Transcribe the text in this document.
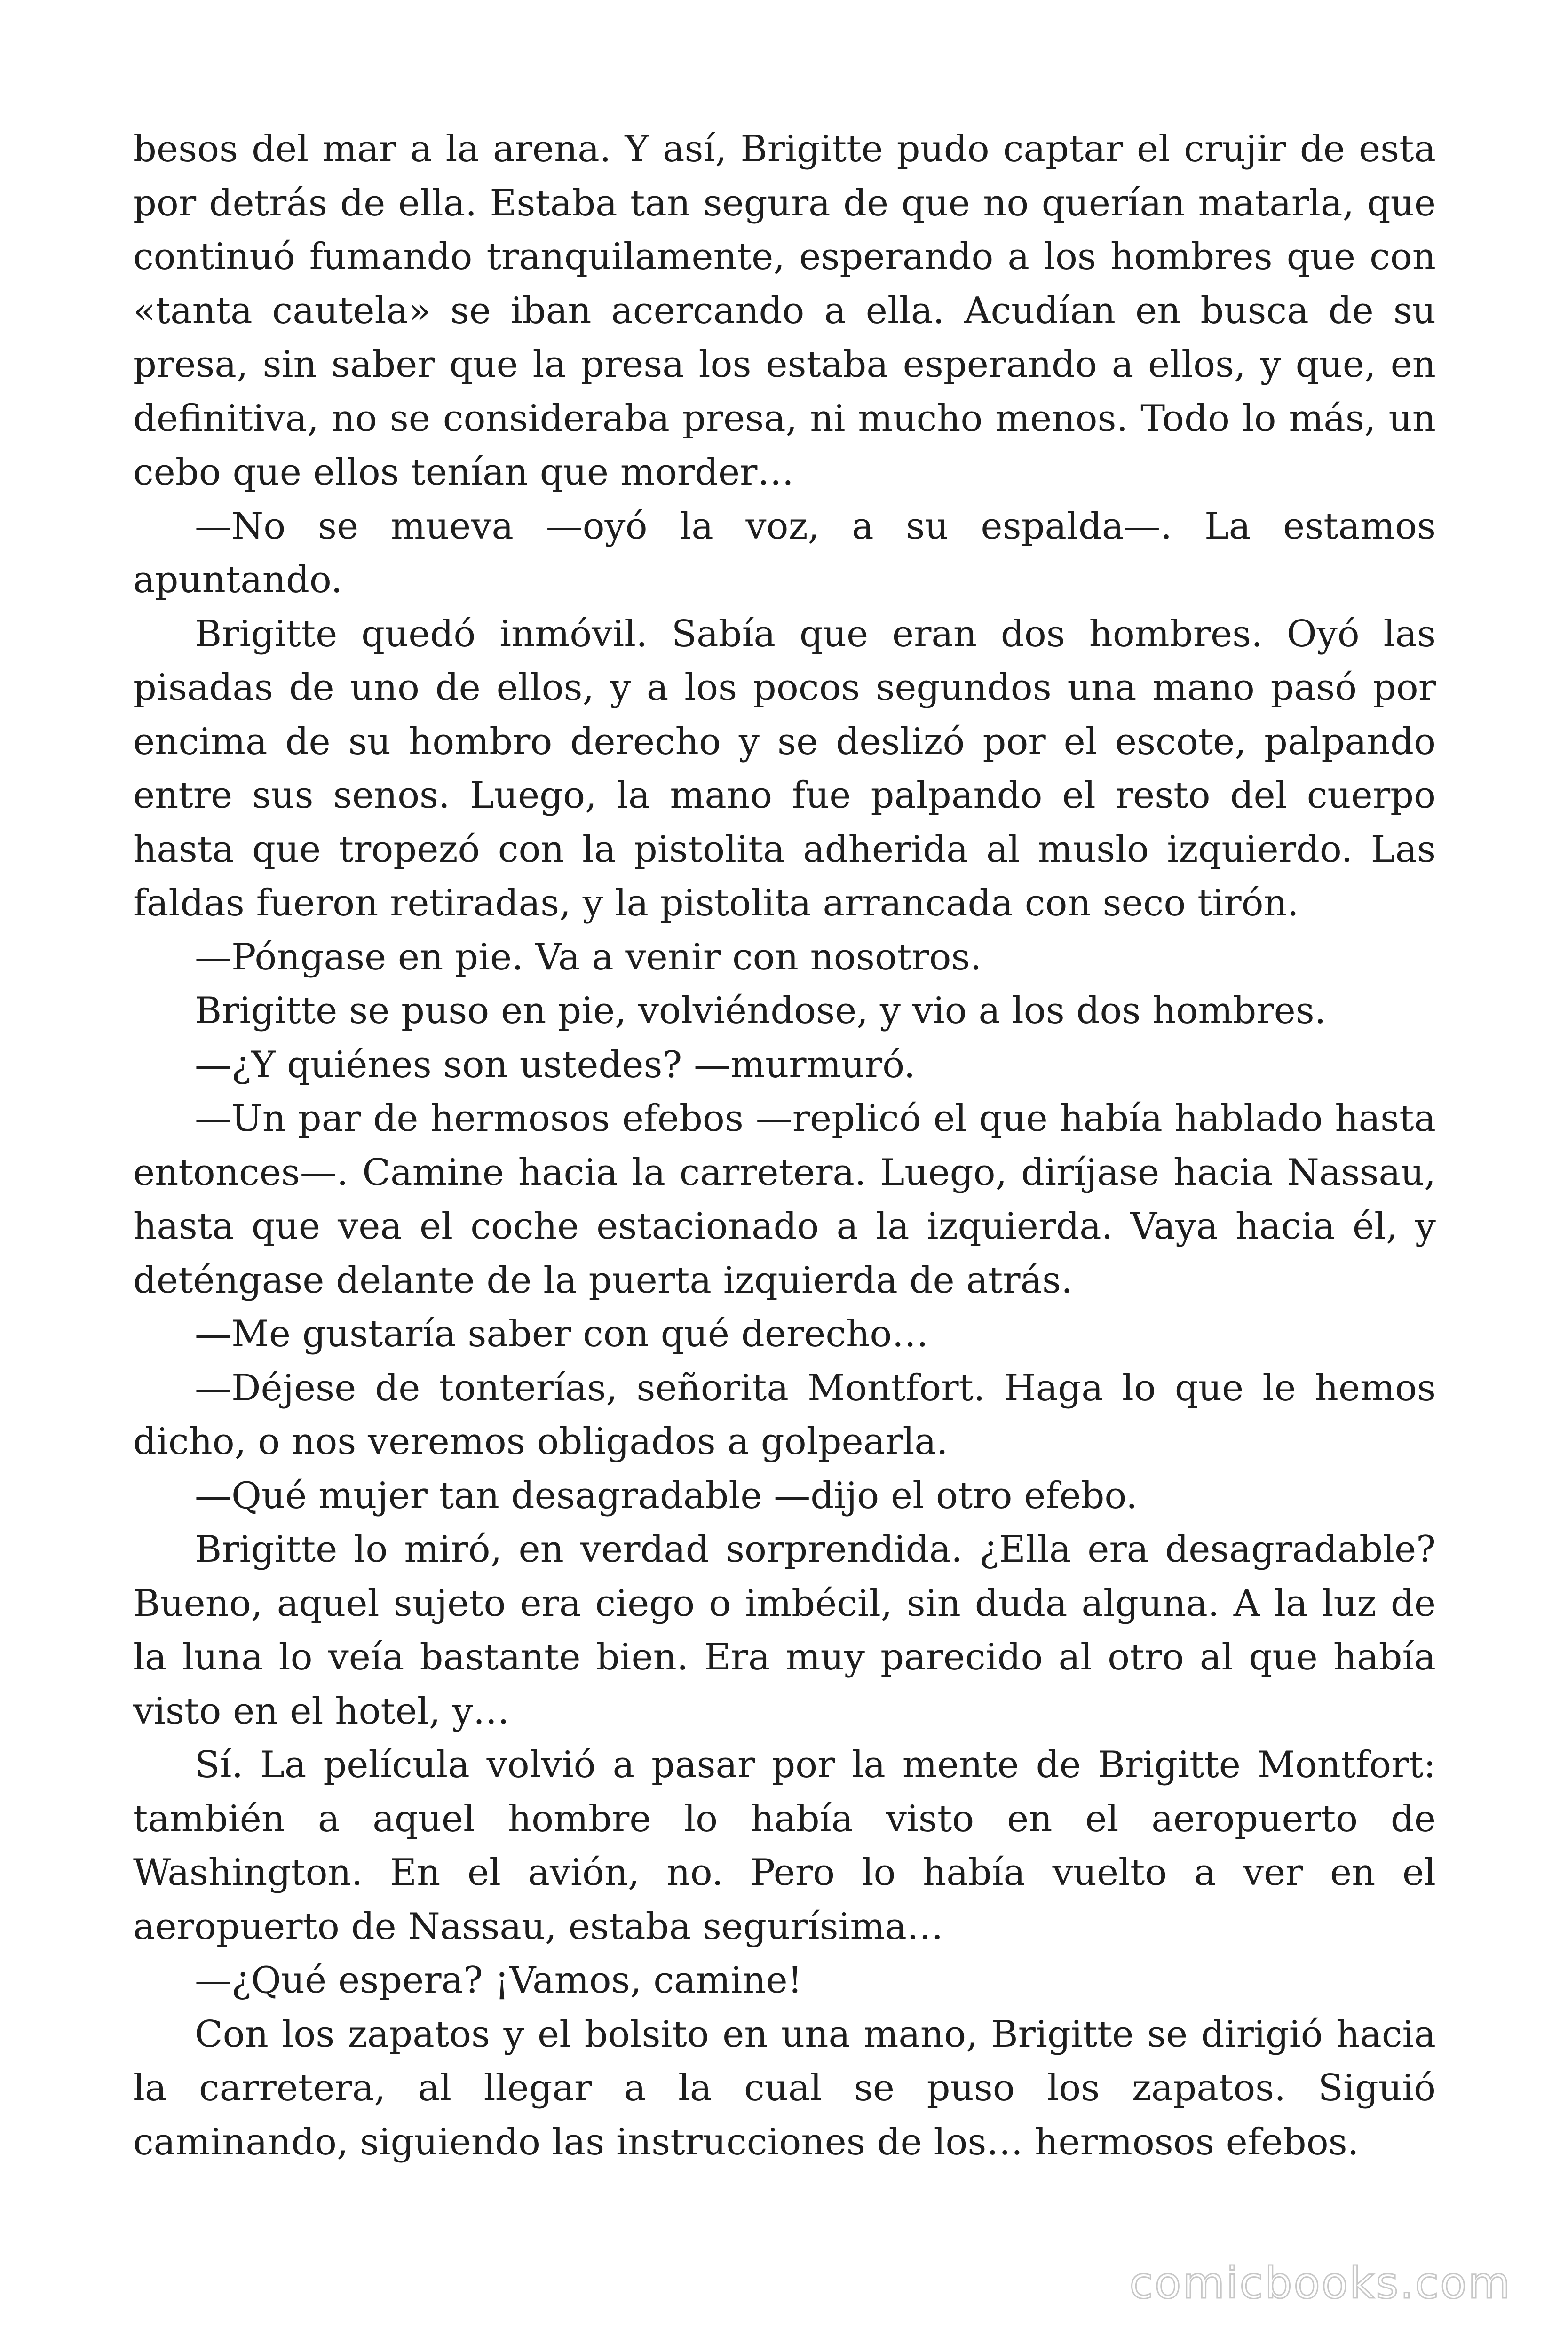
besos del mar a la arena. Y así, Brigitte pudo captar el crujir de esta por detrás de ella. Estaba tan segura de que no querían matarla, que continuó fumando tranquilamente, esperando a los hombres que con «tanta cautela» se iban acercando a ella. Acudían en busca de su presa, sin saber que la presa los estaba esperando a ellos, y que, en definitiva, no se consideraba presa, ni mucho menos. Todo lo más, un cebo que ellos tenían que morder…

—No se mueva —oyó la voz, a su espalda—. La estamos apuntando.

Brigitte quedó inmóvil. Sabía que eran dos hombres. Oyó las pisadas de uno de ellos, y a los pocos segundos una mano pasó por encima de su hombro derecho y se deslizó por el escote, palpando entre sus senos. Luego, la mano fue palpando el resto del cuerpo hasta que tropezó con la pistolita adherida al muslo izquierdo. Las faldas fueron retiradas, y la pistolita arrancada con seco tirón.

—Póngase en pie. Va a venir con nosotros.

Brigitte se puso en pie, volviéndose, y vio a los dos hombres.

—¿Y quiénes son ustedes? —murmuró.

—Un par de hermosos efebos —replicó el que había hablado hasta entonces—. Camine hacia la carretera. Luego, diríjase hacia Nassau, hasta que vea el coche estacionado a la izquierda. Vaya hacia él, y deténgase delante de la puerta izquierda de atrás.

—Me gustaría saber con qué derecho…

—Déjese de tonterías, señorita Montfort. Haga lo que le hemos dicho, o nos veremos obligados a golpearla.

—Qué mujer tan desagradable —dijo el otro efebo.

Brigitte lo miró, en verdad sorprendida. ¿Ella era desagradable? Bueno, aquel sujeto era ciego o imbécil, sin duda alguna. A la luz de la luna lo veía bastante bien. Era muy parecido al otro al que había visto en el hotel, y…

Sí. La película volvió a pasar por la mente de Brigitte Montfort: también a aquel hombre lo había visto en el aeropuerto de Washington. En el avión, no. Pero lo había vuelto a ver en el aeropuerto de Nassau, estaba segurísima…

—¿Qué espera? ¡Vamos, camine!

Con los zapatos y el bolsito en una mano, Brigitte se dirigió hacia la carretera, al llegar a la cual se puso los zapatos. Siguió caminando, siguiendo las instrucciones de los… hermosos efebos.

comicbooks.com
